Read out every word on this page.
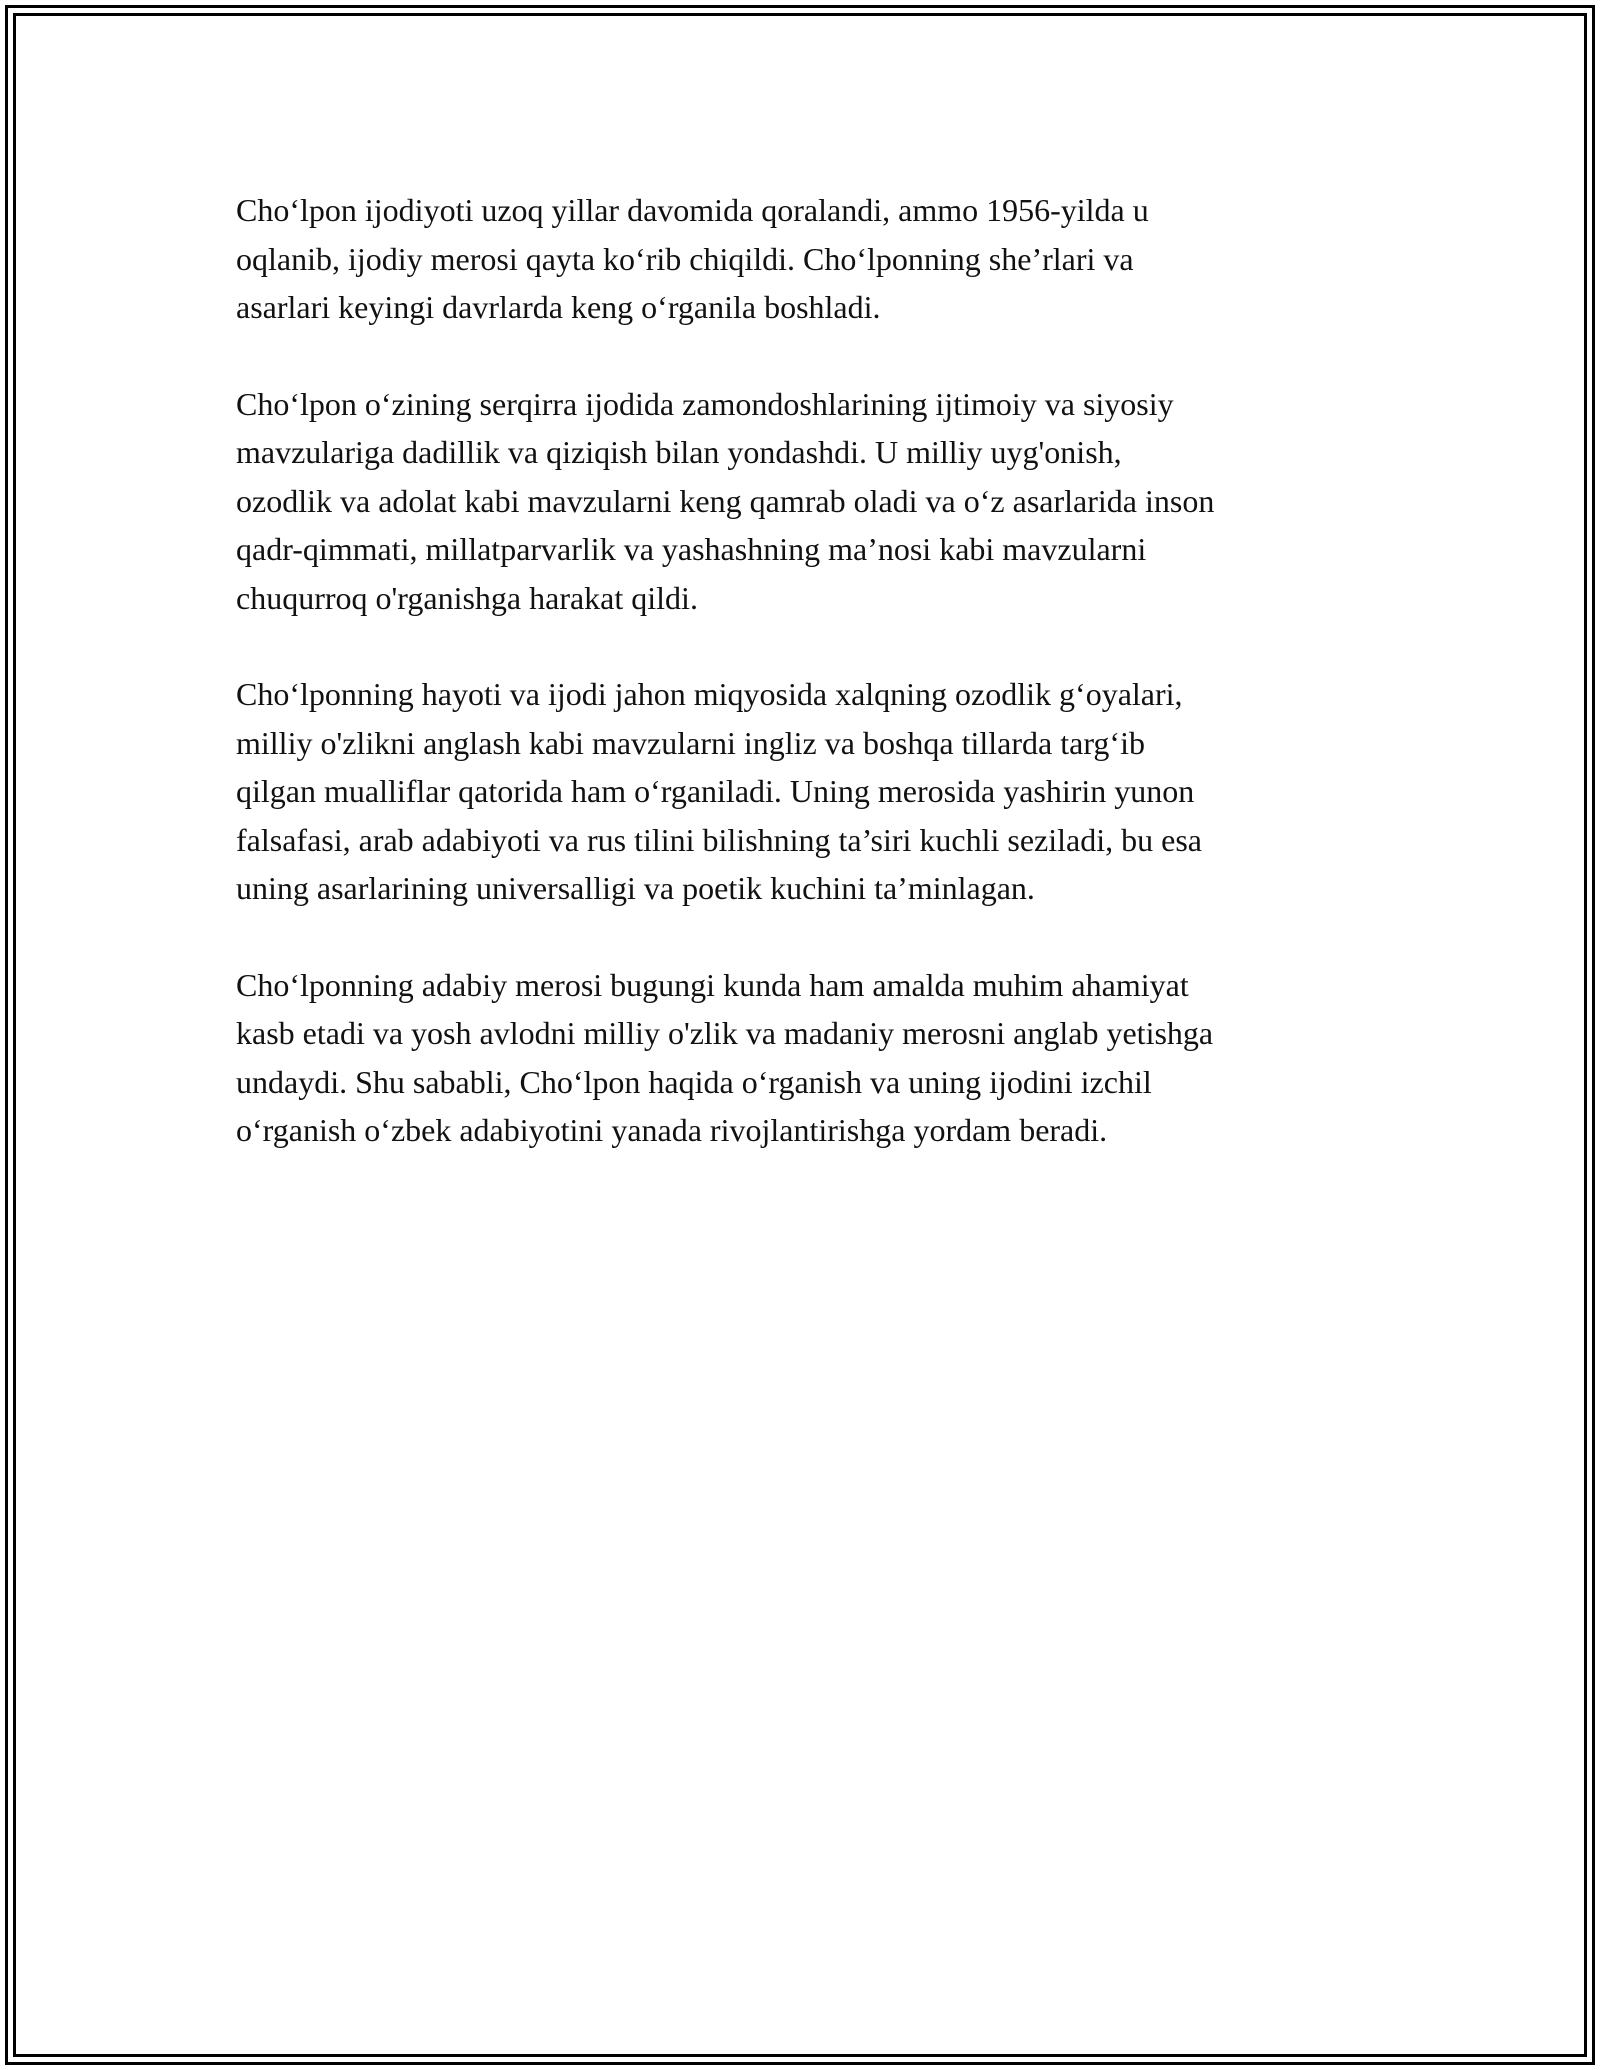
Cho‘lpon ijodiyoti uzoq yillar davomida qoralandi, ammo 1956-yilda u
oqlanib, ijodiy merosi qayta ko‘rib chiqildi. Cho‘lponning she’rlari va
asarlari keyingi davrlarda keng o‘rganila boshladi.

Cho‘lpon o‘zining serqirra ijodida zamondoshlarining ijtimoiy va siyosiy
mavzulariga dadillik va qiziqish bilan yondashdi. U milliy uyg'onish,
ozodlik va adolat kabi mavzularni keng qamrab oladi va o‘z asarlarida inson
qadr-qimmati, millatparvarlik va yashashning ma’nosi kabi mavzularni
chuqurroq o'rganishga harakat qildi.

Cho‘lponning hayoti va ijodi jahon miqyosida xalqning ozodlik g‘oyalari,
milliy o'zlikni anglash kabi mavzularni ingliz va boshqa tillarda targ‘ib
qilgan mualliflar qatorida ham o‘rganiladi. Uning merosida yashirin yunon
falsafasi, arab adabiyoti va rus tilini bilishning ta’siri kuchli seziladi, bu esa
uning asarlarining universalligi va poetik kuchini ta’minlagan.

Cho‘lponning adabiy merosi bugungi kunda ham amalda muhim ahamiyat
kasb etadi va yosh avlodni milliy o'zlik va madaniy merosni anglab yetishga
undaydi. Shu sababli, Cho‘lpon haqida o‘rganish va uning ijodini izchil
o‘rganish o‘zbek adabiyotini yanada rivojlantirishga yordam beradi.
